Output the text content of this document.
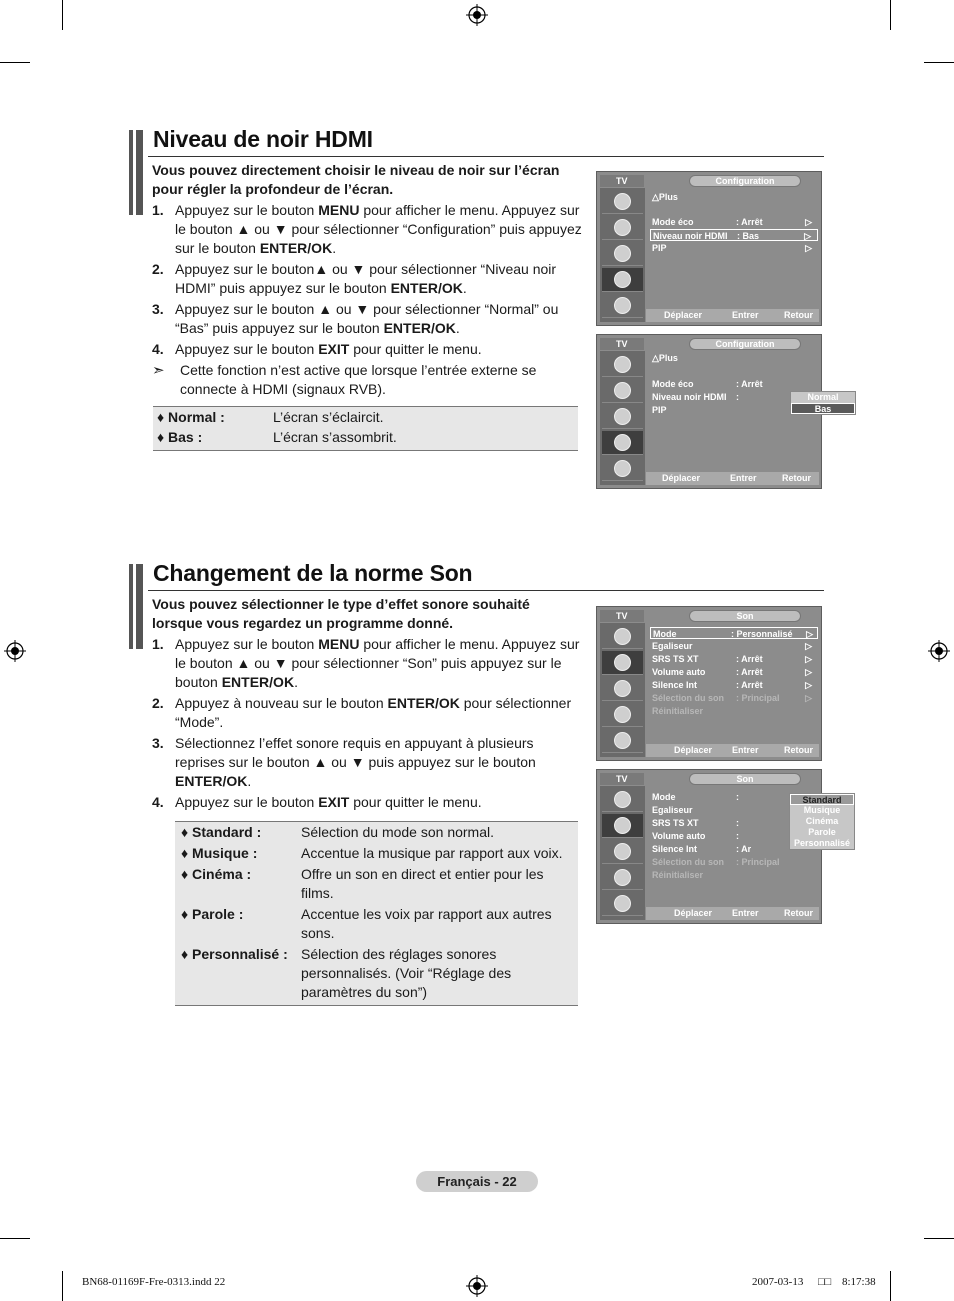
Niveau de noir HDMI
Vous pouvez directement choisir le niveau de noir sur l’écran pour régler la profondeur de l’écran.
1. Appuyez sur le bouton MENU pour afficher le menu. Appuyez sur le bouton ▲ ou ▼ pour sélectionner “Configuration” puis appuyez sur le bouton ENTER/OK.
2. Appuyez sur le bouton▲ ou ▼ pour sélectionner “Niveau noir HDMI” puis appuyez sur le bouton ENTER/OK.
3. Appuyez sur le bouton ▲ ou ▼ pour sélectionner “Normal” ou “Bas” puis appuyez sur le bouton ENTER/OK.
4. Appuyez sur le bouton EXIT pour quitter le menu.
➣ Cette fonction n’est active que lorsque l’entrée externe se connecte à HDMI (signaux RVB).
♦ Normal :	L’écran s’éclaircit.
♦ Bas :	L’écran s’assombrit.
TV	Configuration
△Plus
Mode éco	: Arrêt	▷
Niveau noir HDMI : Bas	▷
PIP	▷
Déplacer	Entrer	Retour
TV	Configuration
△Plus
Mode éco	: Arrêt
Niveau noir HDMI :
PIP
Normal
Bas
Déplacer	Entrer	Retour
Changement de la norme Son
Vous pouvez sélectionner le type d’effet sonore souhaité lorsque vous regardez un programme donné.
1. Appuyez sur le bouton MENU pour afficher le menu. Appuyez sur le bouton ▲ ou ▼ pour sélectionner “Son” puis appuyez sur le bouton ENTER/OK.
2. Appuyez à nouveau sur le bouton ENTER/OK pour sélectionner “Mode”.
3. Sélectionnez l’effet sonore requis en appuyant à plusieurs reprises sur le bouton ▲ ou ▼ puis appuyez sur le bouton ENTER/OK.
4. Appuyez sur le bouton EXIT pour quitter le menu.
♦ Standard :	Sélection du mode son normal.
♦ Musique :	Accentue la musique par rapport aux voix.
♦ Cinéma :	Offre un son en direct et entier pour les films.
♦ Parole :	Accentue les voix par rapport aux autres sons.
♦ Personnalisé :	Sélection des réglages sonores personnalisés. (Voir “Réglage des paramètres du son”)
TV	Son
Mode	: Personnalisé ▷
Egaliseur	▷
SRS TS XT	: Arrêt	▷
Volume auto	: Arrêt	▷
Silence Int	: Arrêt	▷
Sélection du son : Principal	▷
Réinitialiser
Déplacer Entrer	Retour
TV	Son
Mode	:
Egaliseur
SRS TS XT	:
Volume auto	:
Silence Int	: Ar
Sélection du son : Principal
Réinitialiser
Standard
Musique
Cinéma
Parole
Personnalisé
Déplacer Entrer	Retour
Français - 22
BN68-01169F-Fre-0313.indd 22	2007-03-13 □□ 8:17:38
